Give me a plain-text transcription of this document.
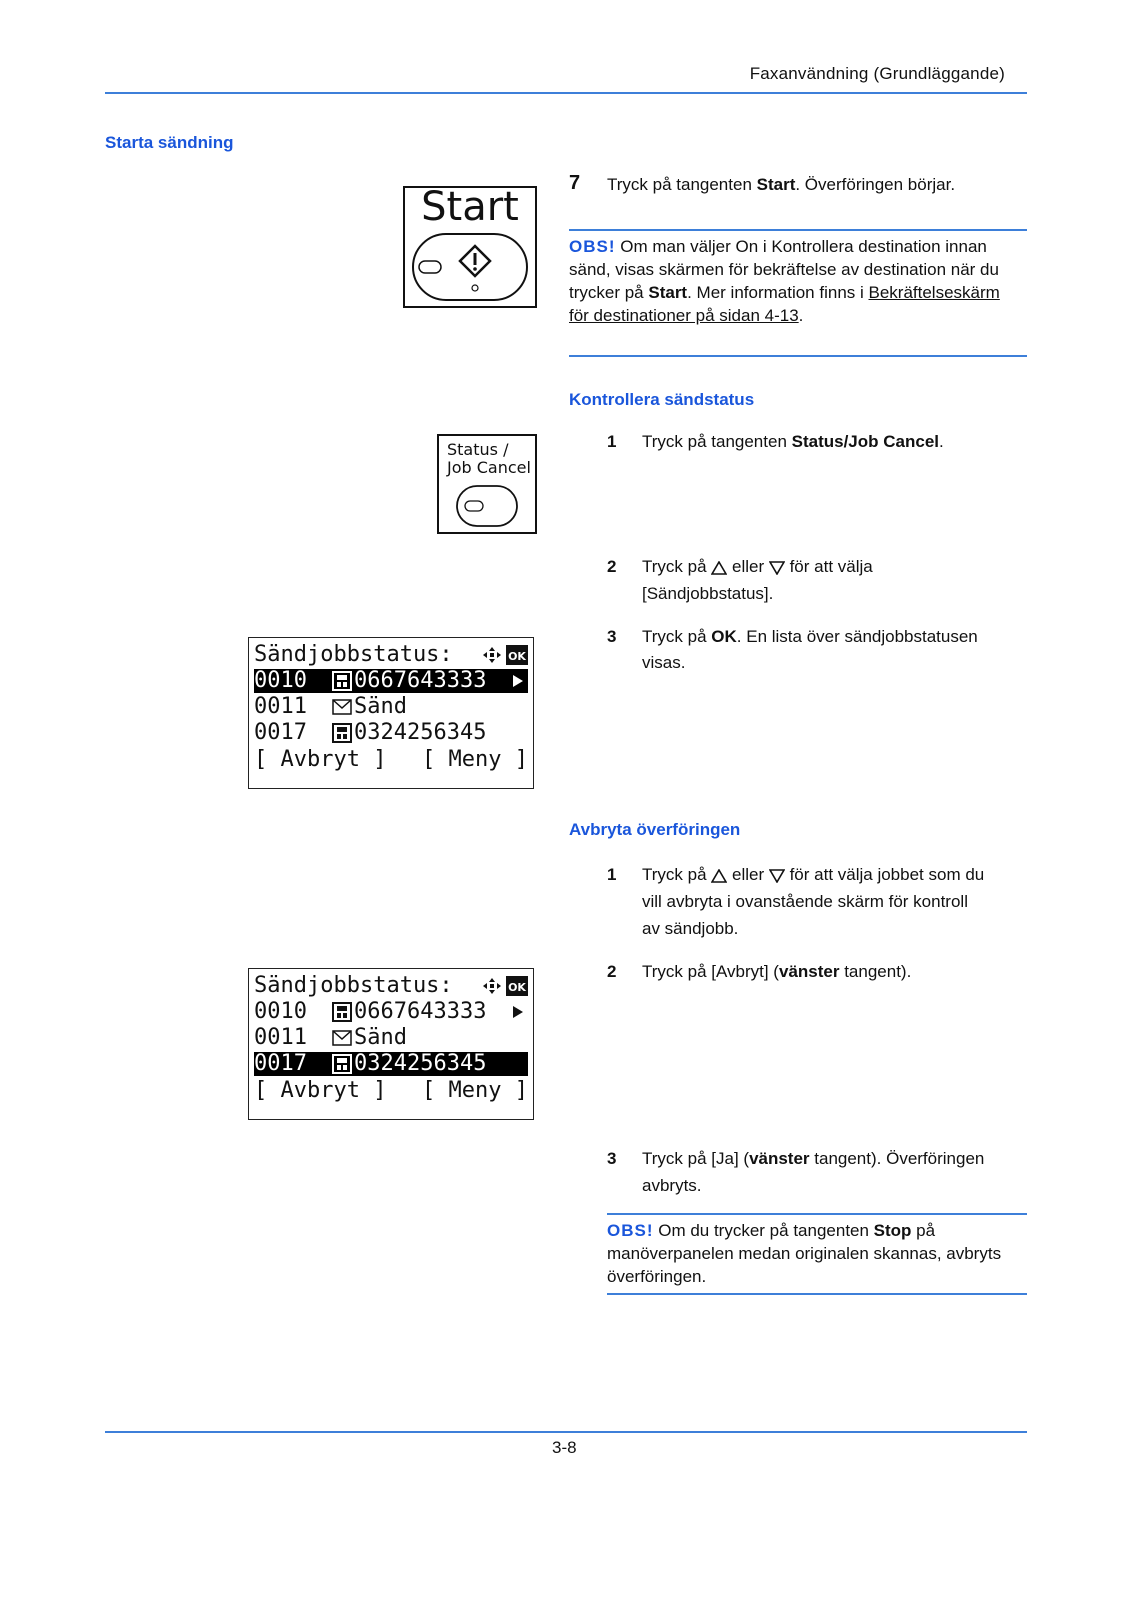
Faxanvändning (Grundläggande)
Starta sändning
Start
7 Tryck på tangenten Start. Överföringen börjar.
OBS! Om man väljer On i Kontrollera destination innan sänd, visas skärmen för bekräftelse av destination när du trycker på Start. Mer information finns i Bekräftelseskärm för destinationer på sidan 4-13.
Kontrollera sändstatus
Status /
Job Cancel
1 Tryck på tangenten Status/Job Cancel.
2 Tryck på  eller  för att välja
[Sändjobbstatus].
3 Tryck på OK. En lista över sändjobbstatusen
visas.

Sändjobbstatus:

	OK

0010

0667643333

0011

Sänd

0017

0324256345

[ Avbryt ]

[ Meny ]

Avbryta överföringen
1 Tryck på  eller  för att välja jobbet som du
vill avbryta i ovanstående skärm för kontroll
av sändjobb.
2 Tryck på [Avbryt] (vänster tangent).

Sändjobbstatus:

	OK

0010

0667643333

0011

Sänd

0017

0324256345

[ Avbryt ]

[ Meny ]

3 Tryck på [Ja] (vänster tangent). Överföringen
avbryts.
OBS! Om du trycker på tangenten Stop på manöverpanelen medan originalen skannas, avbryts överföringen.
3-8
